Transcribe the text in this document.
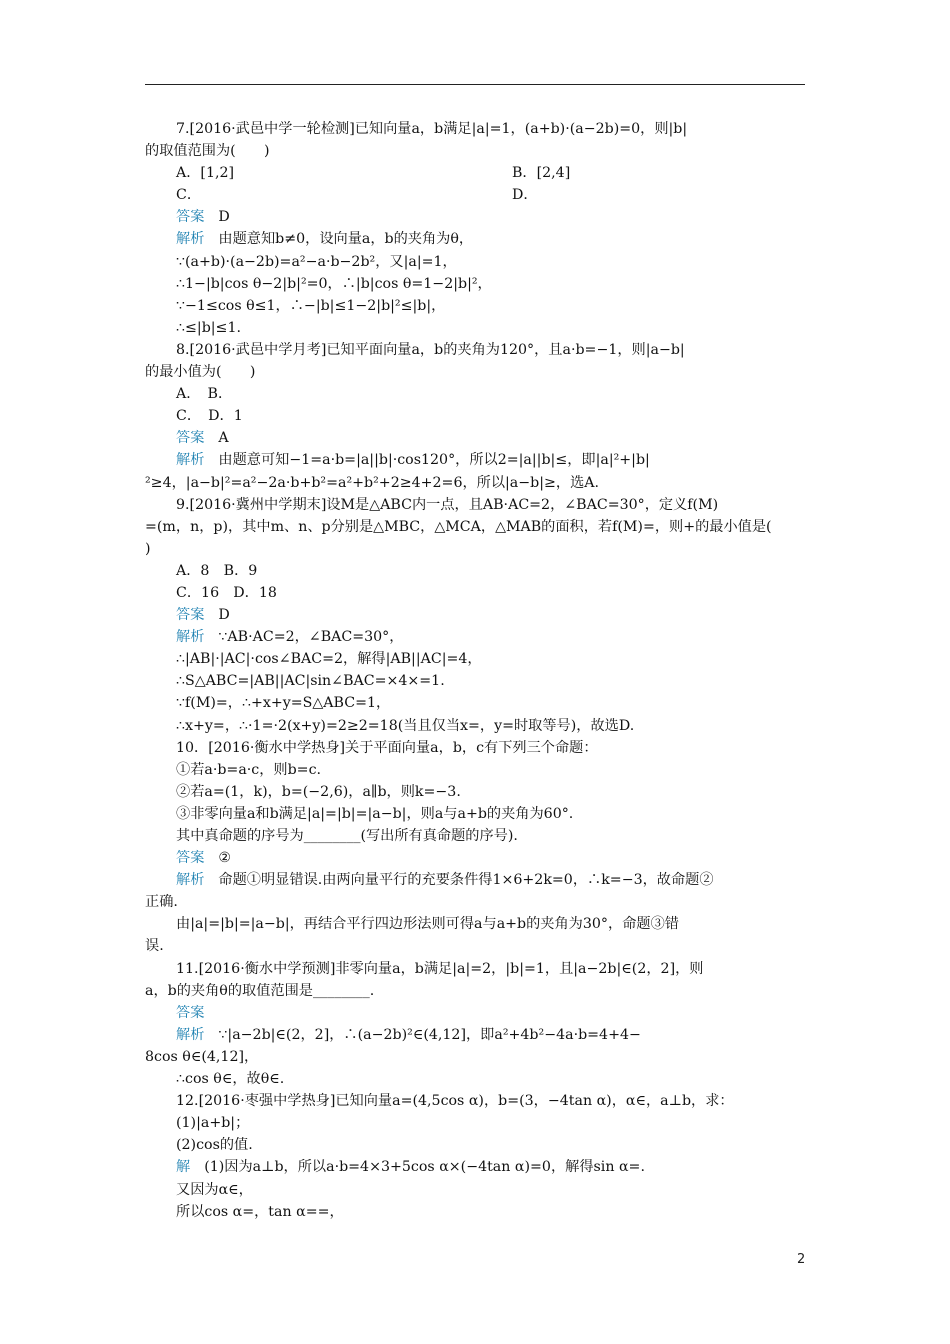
7.[2016·武邑中学一轮检测]已知向量a，b满足|a|=1，(a+b)·(a−2b)=0，则|b|
的取值范围为(　　)
A．[1,2]	B．[2,4]
C．	D．
答案 D
解析 由题意知b≠0，设向量a，b的夹角为θ，
∵(a+b)·(a−2b)=a²−a·b−2b²，又|a|=1，
∴1−|b|cos θ−2|b|²=0，∴|b|cos θ=1−2|b|²，
∵−1≤cos θ≤1，∴−|b|≤1−2|b|²≤|b|，
∴≤|b|≤1.
8.[2016·武邑中学月考]已知平面向量a，b的夹角为120°，且a·b=−1，则|a−b|
的最小值为(　　)
A．　B．
C．　D．1
答案 A
解析 由题意可知−1=a·b=|a||b|·cos120°，所以2=|a||b|≤，即|a|²+|b|
²≥4，|a−b|²=a²−2a·b+b²=a²+b²+2≥4+2=6，所以|a−b|≥，选A.
9.[2016·冀州中学期末]设M是△ABC内一点，且AB·AC=2，∠BAC=30°，定义f(M)
=(m，n，p)，其中m、n、p分别是△MBC，△MCA，△MAB的面积，若f(M)=，则+的最小值是(
)
A．8　B．9
C．16　D．18
答案 D
解析 ∵AB·AC=2，∠BAC=30°，
∴|AB|·|AC|·cos∠BAC=2，解得|AB||AC|=4，
∴S△ABC=|AB||AC|sin∠BAC=×4×=1.
∵f(M)=，∴+x+y=S△ABC=1，
∴x+y=，∴·1=·2(x+y)=2≥2=18(当且仅当x=，y=时取等号)，故选D.
10．[2016·衡水中学热身]关于平面向量a，b，c有下列三个命题：
①若a·b=a·c，则b=c.
②若a=(1，k)，b=(−2,6)，a∥b，则k=−3.
③非零向量a和b满足|a|=|b|=|a−b|，则a与a+b的夹角为60°.
其中真命题的序号为________(写出所有真命题的序号).
答案 ②
解析 命题①明显错误.由两向量平行的充要条件得1×6+2k=0，∴k=−3，故命题②
正确.
由|a|=|b|=|a−b|，再结合平行四边形法则可得a与a+b的夹角为30°，命题③错
误.
11.[2016·衡水中学预测]非零向量a，b满足|a|=2，|b|=1，且|a−2b|∈(2，2]，则
a，b的夹角θ的取值范围是________.
答案
解析 ∵|a−2b|∈(2，2]，∴(a−2b)²∈(4,12]，即a²+4b²−4a·b=4+4−
8cos θ∈(4,12]，
∴cos θ∈，故θ∈.
12.[2016·枣强中学热身]已知向量a=(4,5cos α)，b=(3，−4tan α)，α∈，a⊥b，求：
(1)|a+b|；
(2)cos的值.
解 (1)因为a⊥b，所以a·b=4×3+5cos α×(−4tan α)=0，解得sin α=.
又因为α∈，
所以cos α=，tan α==，
2
